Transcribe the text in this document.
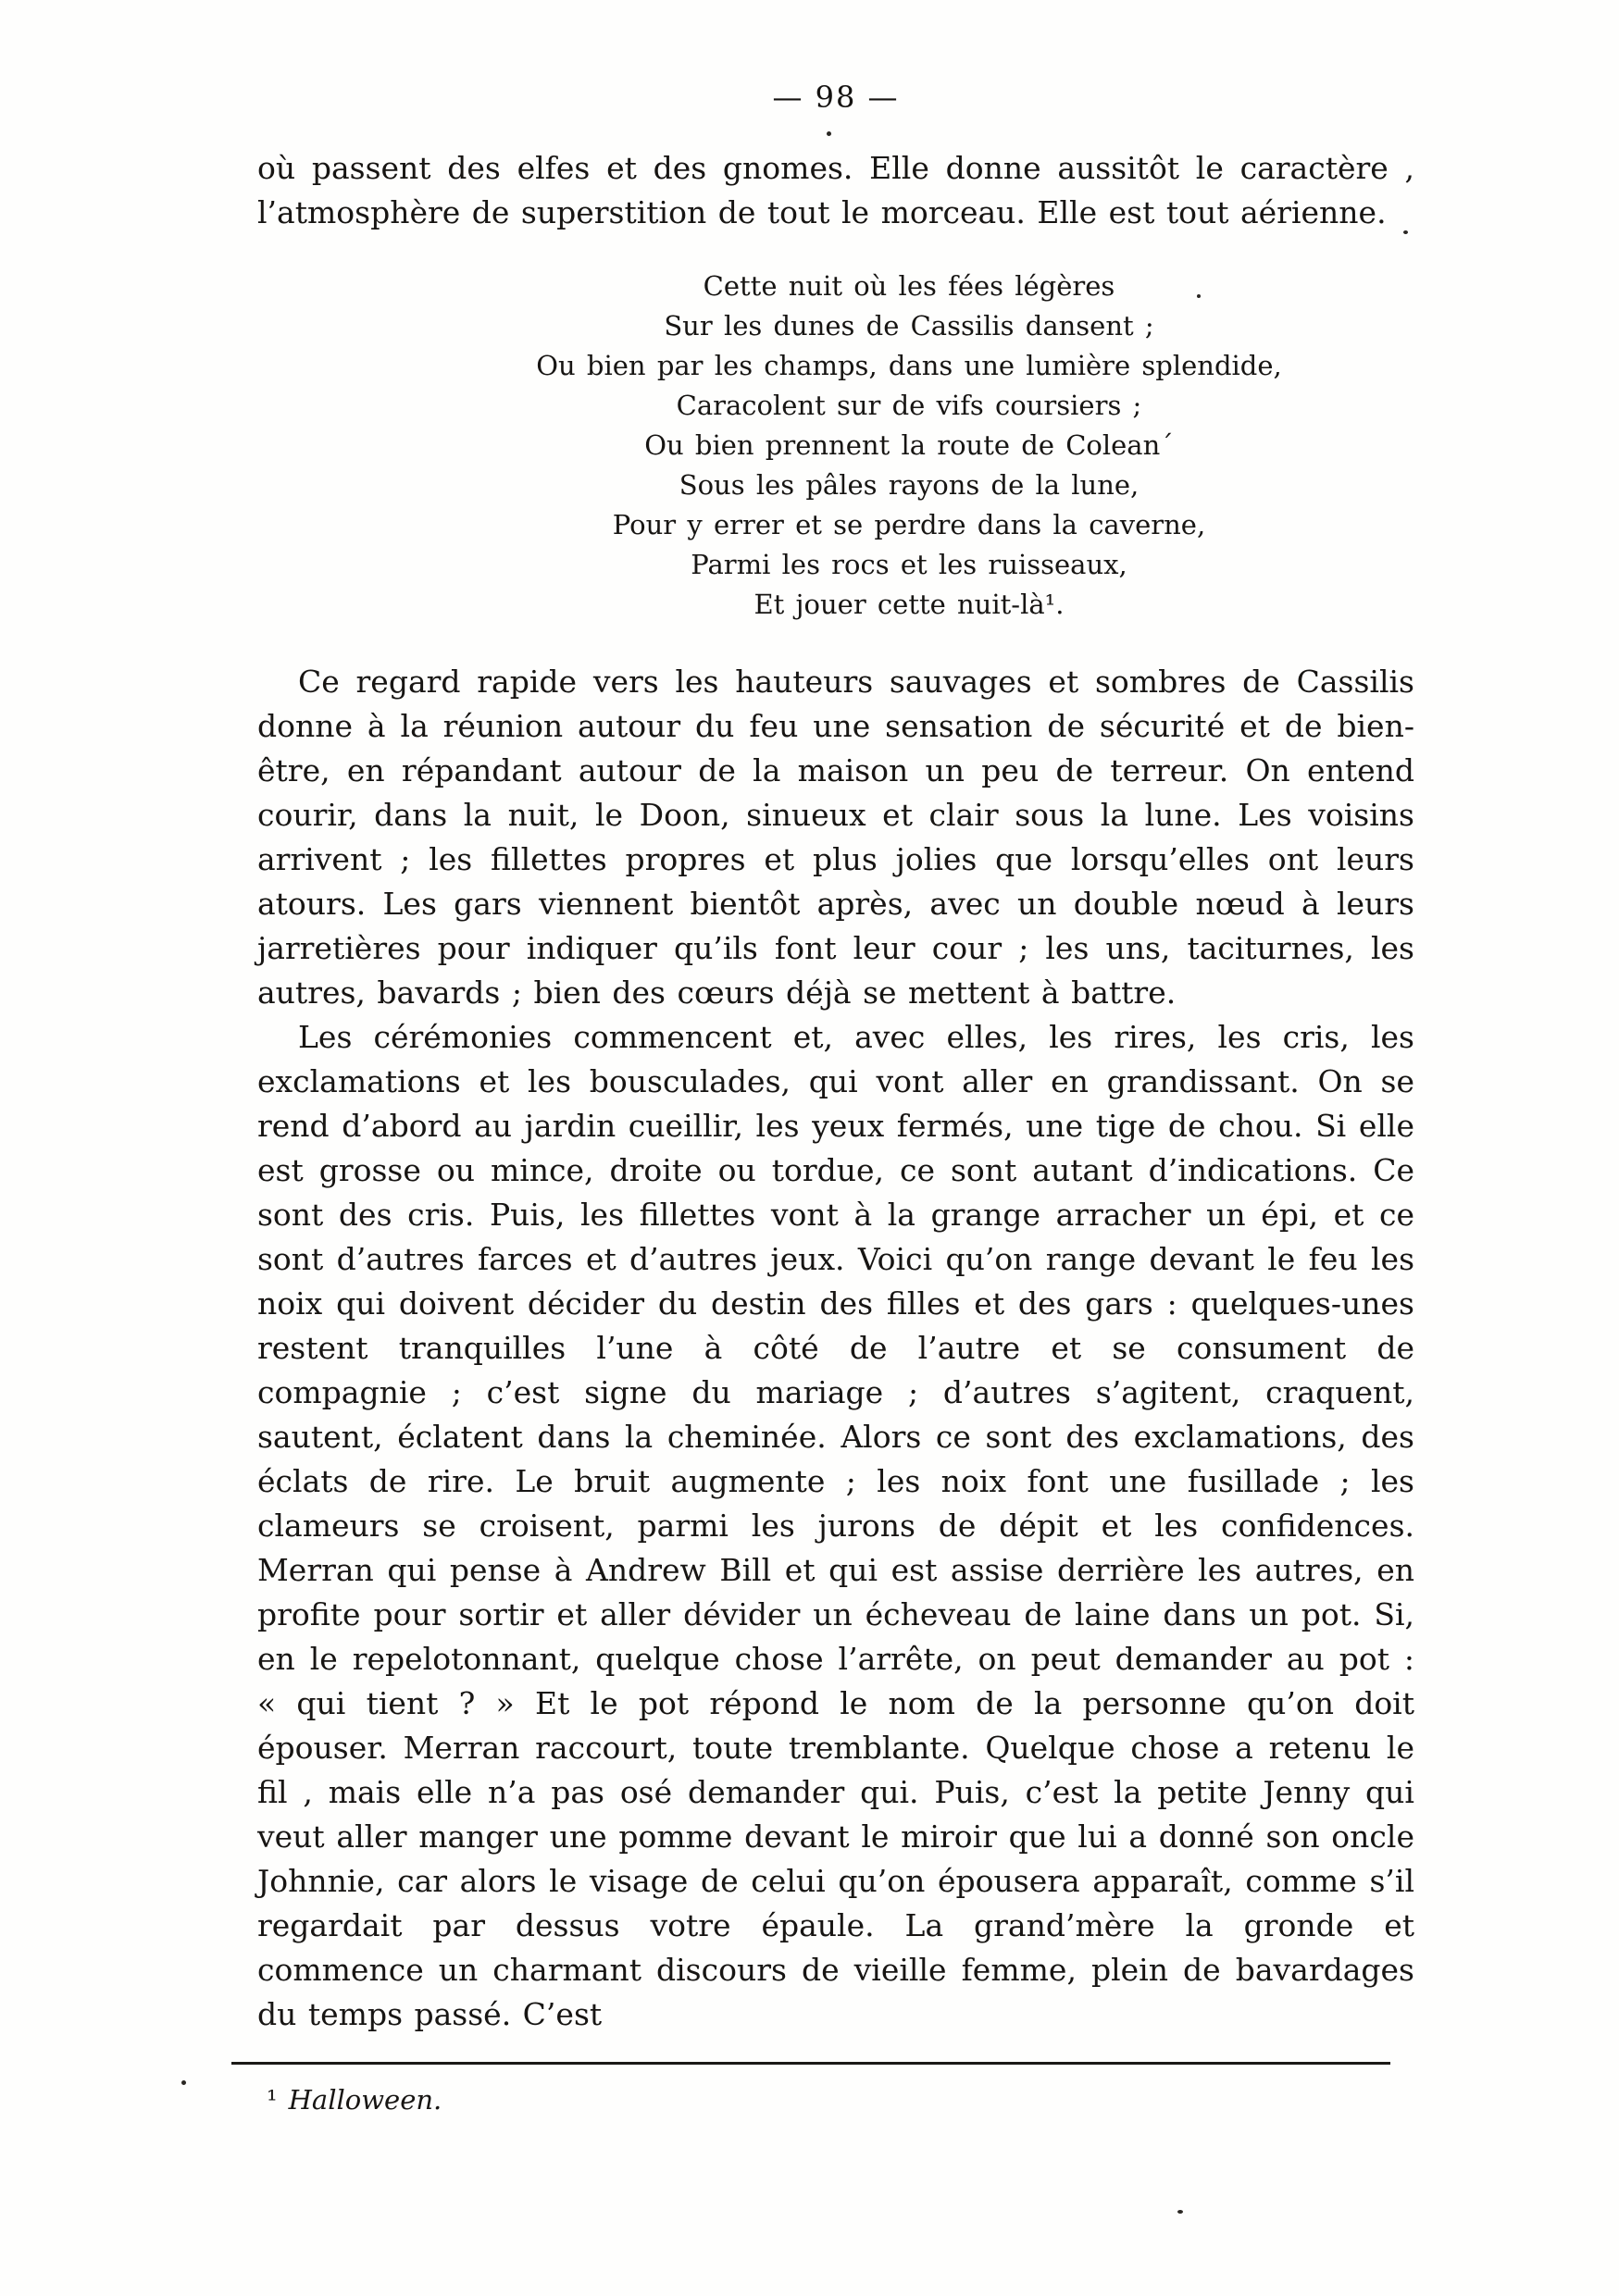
— 98 —

où passent des elfes et des gnomes. Elle donne aussitôt le caractère , l’atmosphère de superstition de tout le morceau. Elle est tout aérienne.

Cette nuit où les fées légères
Sur les dunes de Cassilis dansent ;
Ou bien par les champs, dans une lumière splendide,
Caracolent sur de vifs coursiers ;
Ou bien prennent la route de Colean´
Sous les pâles rayons de la lune,
Pour y errer et se perdre dans la caverne,
Parmi les rocs et les ruisseaux,
Et jouer cette nuit-là¹.

Ce regard rapide vers les hauteurs sauvages et sombres de Cassilis donne à la réunion autour du feu une sensation de sécurité et de bien-être, en répandant autour de la maison un peu de terreur. On entend courir, dans la nuit, le Doon, sinueux et clair sous la lune. Les voisins arrivent ; les fillettes propres et plus jolies que lorsqu’elles ont leurs atours. Les gars viennent bientôt après, avec un double nœud à leurs jarretières pour indiquer qu’ils font leur cour ; les uns, taciturnes, les autres, bavards ; bien des cœurs déjà se mettent à battre.

Les cérémonies commencent et, avec elles, les rires, les cris, les exclamations et les bousculades, qui vont aller en grandissant. On se rend d’abord au jardin cueillir, les yeux fermés, une tige de chou. Si elle est grosse ou mince, droite ou tordue, ce sont autant d’indications. Ce sont des cris. Puis, les fillettes vont à la grange arracher un épi, et ce sont d’autres farces et d’autres jeux. Voici qu’on range devant le feu les noix qui doivent décider du destin des filles et des gars : quelques-unes restent tranquilles l’une à côté de l’autre et se consument de compagnie ; c’est signe du mariage ; d’autres s’agitent, craquent, sautent, éclatent dans la cheminée. Alors ce sont des exclamations, des éclats de rire. Le bruit augmente ; les noix font une fusillade ; les clameurs se croisent, parmi les jurons de dépit et les confidences. Merran qui pense à Andrew Bill et qui est assise derrière les autres, en profite pour sortir et aller dévider un écheveau de laine dans un pot. Si, en le repelotonnant, quelque chose l’arrête, on peut demander au pot : « qui tient ? » Et le pot répond le nom de la personne qu’on doit épouser. Merran raccourt, toute tremblante. Quelque chose a retenu le fil , mais elle n’a pas osé demander qui. Puis, c’est la petite Jenny qui veut aller manger une pomme devant le miroir que lui a donné son oncle Johnnie, car alors le visage de celui qu’on épousera apparaît, comme s’il regardait par dessus votre épaule. La grand’mère la gronde et commence un charmant discours de vieille femme, plein de bavardages du temps passé. C’est

¹ Halloween.
